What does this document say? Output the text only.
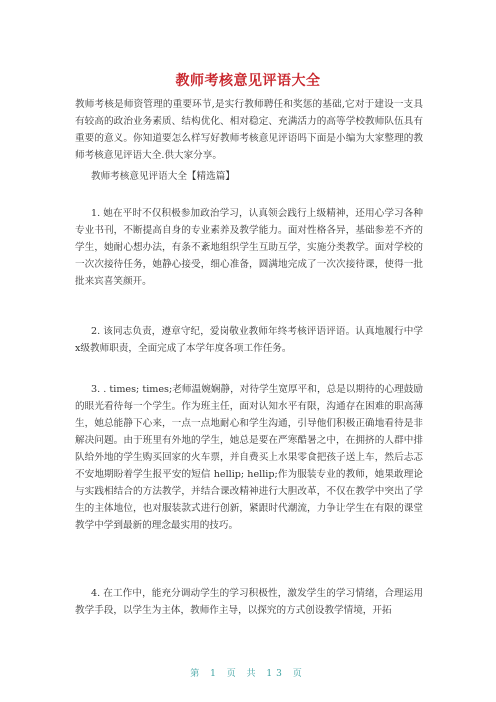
教师考核意见评语大全
教师考核是师资管理的重要环节,是实行教师聘任和奖惩的基础,它对于建设一支具有较高的政治业务素质、结构优化、相对稳定、充满活力的高等学校教师队伍具有重要的意义。你知道要怎么样写好教师考核意见评语吗下面是小编为大家整理的教师考核意见评语大全.供大家分享。
教师考核意见评语大全【精选篇】
1. 她在平时不仅积极参加政治学习，认真领会践行上级精神，还用心学习各种专业书刊，不断提高自身的专业素养及教学能力。面对性格各异，基础参差不齐的学生，她耐心想办法，有条不紊地组织学生互助互学，实施分类教学。面对学校的一次次接待任务，她静心接受，细心准备，圆满地完成了一次次接待课，使得一批批来宾喜笑颜开。
2. 该同志负责，遵章守纪，爱岗敬业教师年终考核评语评语。认真地履行中学x级教师职责，全面完成了本学年度各项工作任务。
3. . times; times;老师温婉娴静，对待学生宽厚平和，总是以期待的心理鼓励的眼光看待每一个学生。作为班主任，面对认知水平有限，沟通存在困难的职高薄生，她总能静下心来，一点一点地耐心和学生沟通，引导他们积极正确地看待是非解决问题。由于班里有外地的学生，她总是要在严寒酷暑之中，在拥挤的人群中排队给外地的学生购买回家的火车票，并自费买上水果零食把孩子送上车，然后忐忑不安地期盼着学生报平安的短信 hellip; hellip;作为服装专业的教师，她果敢理论与实践相结合的方法教学，并结合课改精神进行大胆改革，不仅在教学中突出了学生的主体地位，也对服装款式进行创新，紧跟时代潮流，力争让学生在有限的课堂教学中学到最新的理念最实用的技巧。
4. 在工作中，能充分调动学生的学习积极性，激发学生的学习情绪，合理运用教学手段，以学生为主体，教师作主导，以探究的方式创设教学情境，开拓
第 1 页 共 13 页
